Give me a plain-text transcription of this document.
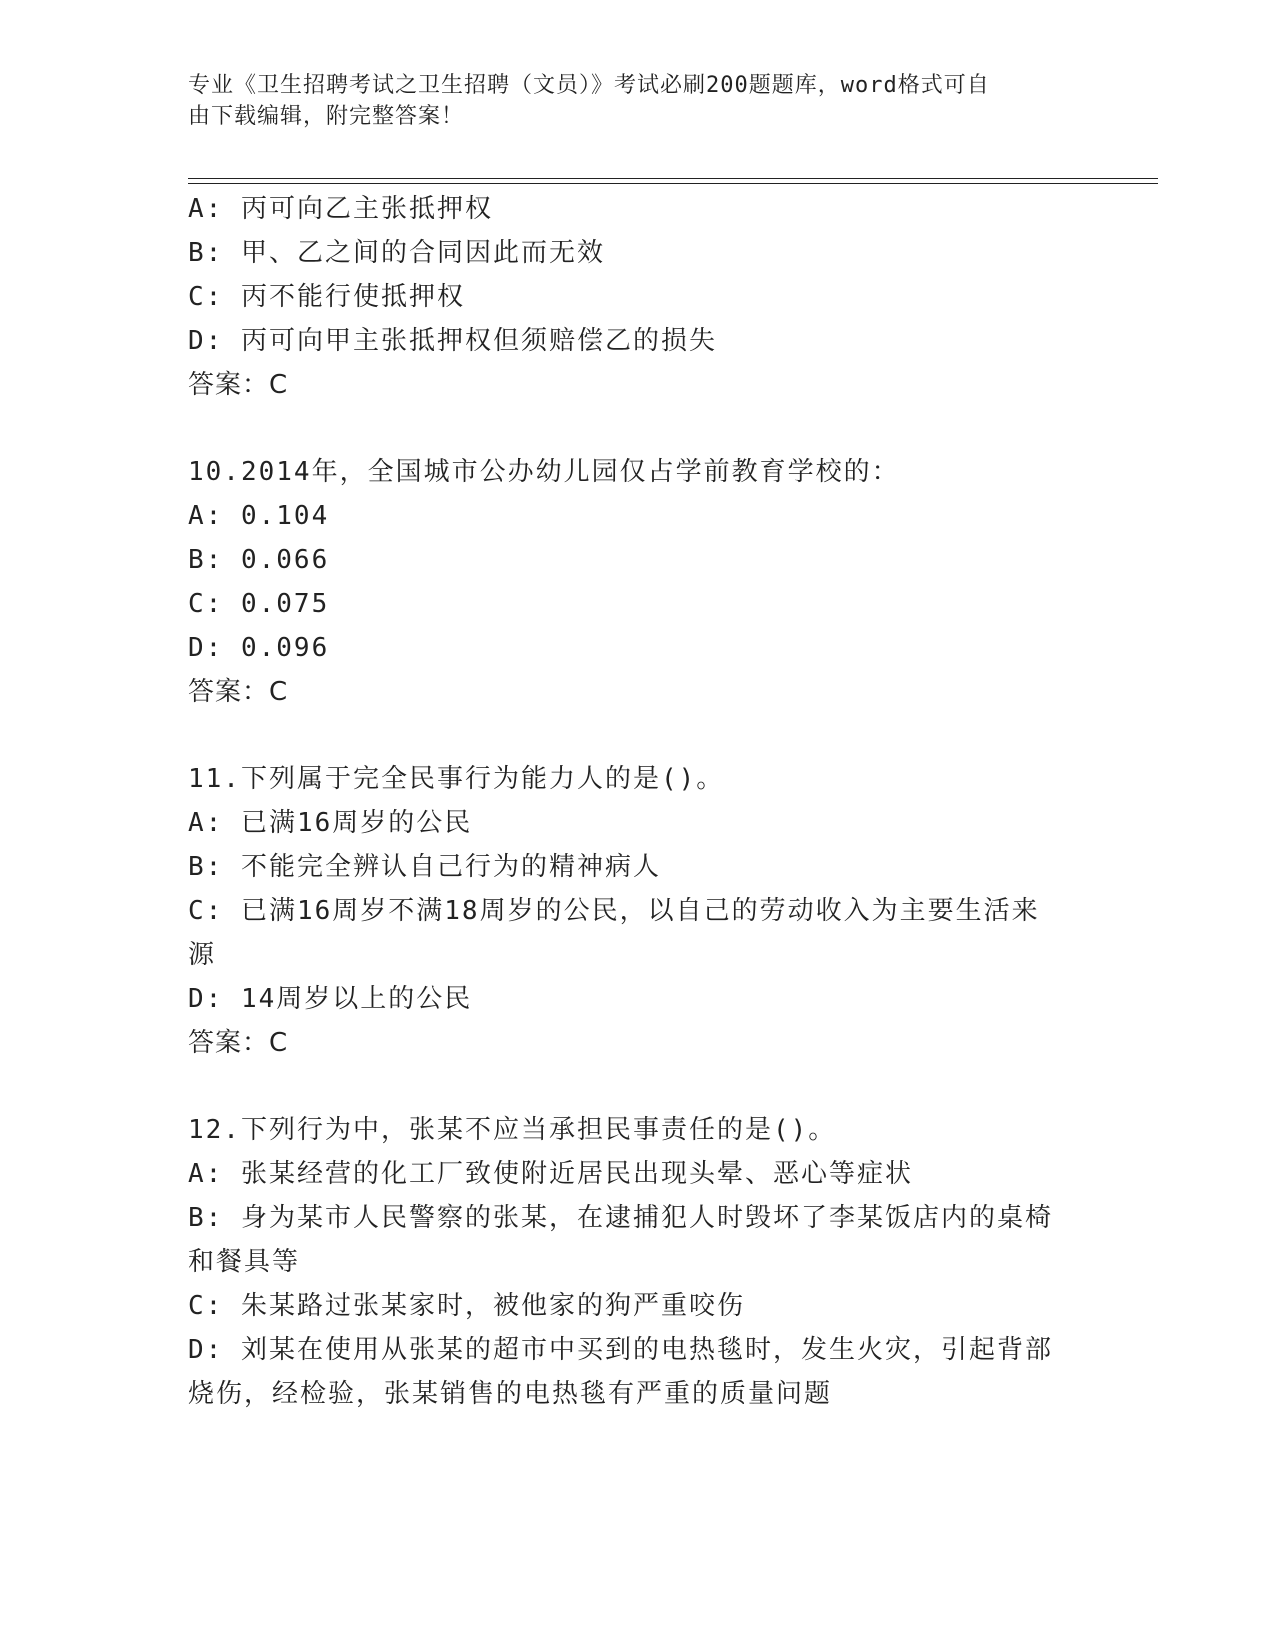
专业《卫生招聘考试之卫生招聘（文员）》考试必刷200题题库，word格式可自
由下载编辑，附完整答案！
A: 丙可向乙主张抵押权
B: 甲、乙之间的合同因此而无效
C: 丙不能行使抵押权
D: 丙可向甲主张抵押权但须赔偿乙的损失
答案：C
10.2014年，全国城市公办幼儿园仅占学前教育学校的：
A: 0.104
B: 0.066
C: 0.075
D: 0.096
答案：C
11.下列属于完全民事行为能力人的是()。
A: 已满16周岁的公民
B: 不能完全辨认自己行为的精神病人
C: 已满16周岁不满18周岁的公民，以自己的劳动收入为主要生活来
源
D: 14周岁以上的公民
答案：C
12.下列行为中，张某不应当承担民事责任的是()。
A: 张某经营的化工厂致使附近居民出现头晕、恶心等症状
B: 身为某市人民警察的张某，在逮捕犯人时毁坏了李某饭店内的桌椅
和餐具等
C: 朱某路过张某家时，被他家的狗严重咬伤
D: 刘某在使用从张某的超市中买到的电热毯时，发生火灾，引起背部
烧伤，经检验，张某销售的电热毯有严重的质量问题
